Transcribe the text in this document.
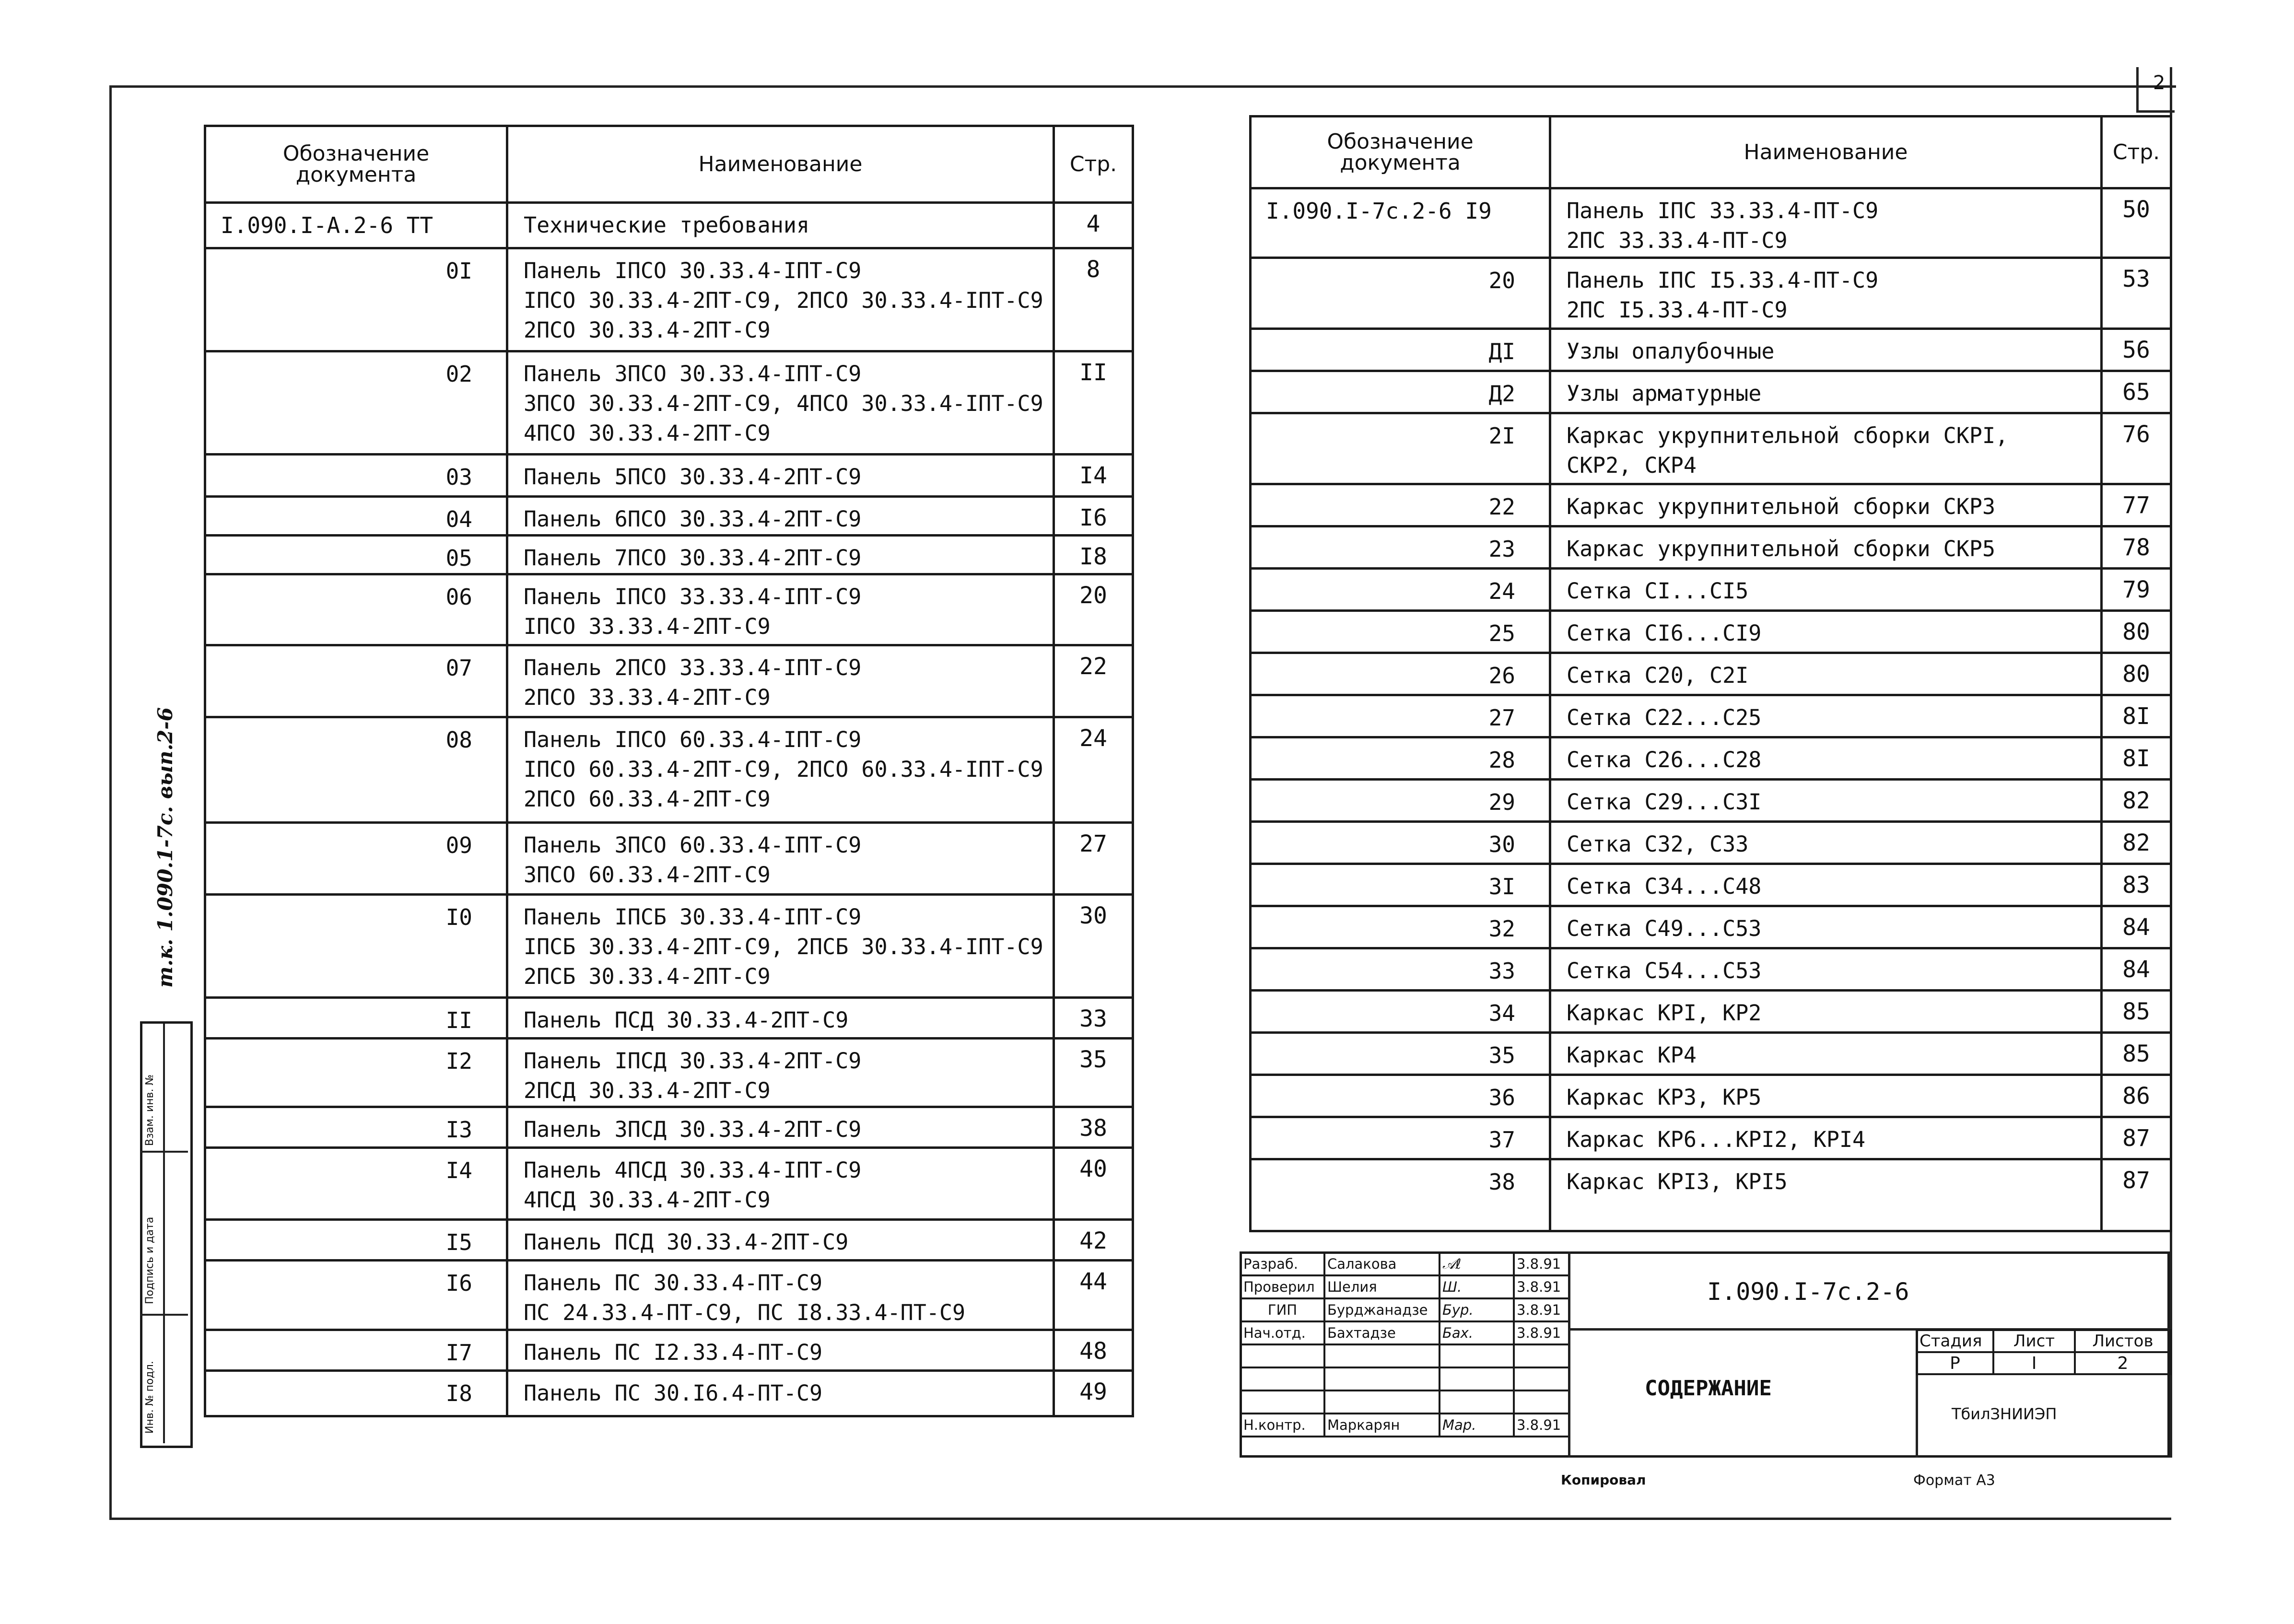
2
т.к. 1.090.1-7с. вып.2-6
Инв. № подл.
Подпись и дата
Взам. инв. №
Обозначение документа	Наименование	Стр.
I.090.I-A.2-6 ТТ	Технические требования	4
0I	Панель IПСО 30.33.4-IПТ-С9
IПСО 30.33.4-2ПТ-С9, 2ПСО 30.33.4-IПТ-С9
2ПСО 30.33.4-2ПТ-С9	8
02	Панель 3ПСО 30.33.4-IПТ-С9
3ПСО 30.33.4-2ПТ-С9, 4ПСО 30.33.4-IПТ-С9
4ПСО 30.33.4-2ПТ-С9	II
03	Панель 5ПСО 30.33.4-2ПТ-С9	I4
04	Панель 6ПСО 30.33.4-2ПТ-С9	I6
05	Панель 7ПСО 30.33.4-2ПТ-С9	I8
06	Панель IПСО 33.33.4-IПТ-С9
IПСО 33.33.4-2ПТ-С9	20
07	Панель 2ПСО 33.33.4-IПТ-С9
2ПСО 33.33.4-2ПТ-С9	22
08	Панель IПСО 60.33.4-IПТ-С9
IПСО 60.33.4-2ПТ-С9, 2ПСО 60.33.4-IПТ-С9
2ПСО 60.33.4-2ПТ-С9	24
09	Панель 3ПСО 60.33.4-IПТ-С9
3ПСО 60.33.4-2ПТ-С9	27
I0	Панель IПСБ 30.33.4-IПТ-С9
IПСБ 30.33.4-2ПТ-С9, 2ПСБ 30.33.4-IПТ-С9
2ПСБ 30.33.4-2ПТ-С9	30
II	Панель ПСД 30.33.4-2ПТ-С9	33
I2	Панель IПСД 30.33.4-2ПТ-С9
2ПСД 30.33.4-2ПТ-С9	35
I3	Панель 3ПСД 30.33.4-2ПТ-С9	38
I4	Панель 4ПСД 30.33.4-IПТ-С9
4ПСД 30.33.4-2ПТ-С9	40
I5	Панель ПСД 30.33.4-2ПТ-С9	42
I6	Панель ПС 30.33.4-ПТ-С9
ПС 24.33.4-ПТ-С9, ПС I8.33.4-ПТ-С9	44
I7	Панель ПС I2.33.4-ПТ-С9	48
I8	Панель ПС 30.I6.4-ПТ-С9	49
Обозначение документа	Наименование	Стр.
I.090.I-7с.2-6 I9	Панель IПС 33.33.4-ПТ-С9
2ПС 33.33.4-ПТ-С9	50
20	Панель IПС I5.33.4-ПТ-С9
2ПС I5.33.4-ПТ-С9	53
ДI	Узлы опалубочные	56
Д2	Узлы арматурные	65
2I	Каркас укрупнительной сборки СКРI,
СКР2, СКР4	76
22	Каркас укрупнительной сборки СКР3	77
23	Каркас укрупнительной сборки СКР5	78
24	Сетка СI...СI5	79
25	Сетка СI6...СI9	80
26	Сетка С20, С2I	80
27	Сетка С22...С25	8I
28	Сетка С26...С28	8I
29	Сетка С29...С3I	82
30	Сетка С32, С33	82
3I	Сетка С34...С48	83
32	Сетка С49...С53	84
33	Сетка С54...С53	84
34	Каркас КРI, КР2	85
35	Каркас КР4	85
36	Каркас КР3, КР5	86
37	Каркас КР6...КРI2, КРI4	87
38	Каркас КРI3, КРI5	87
Разраб.	Салакова	𝒜ℓ	3.8.91
Проверил	Шелия	Ш.	3.8.91
ГИП	Бурджанадзе	Бур.	3.8.91
Нач.отд.	Бахтадзе	Бах.	3.8.91

Н.контр.	Маркарян	Мар.	3.8.91
I.090.I-7с.2-6
СОДЕРЖАНИЕ
Стадия	Лист	Листов
Р	I	2
ТбилЗНИИЭП
Копировал	Формат А3
